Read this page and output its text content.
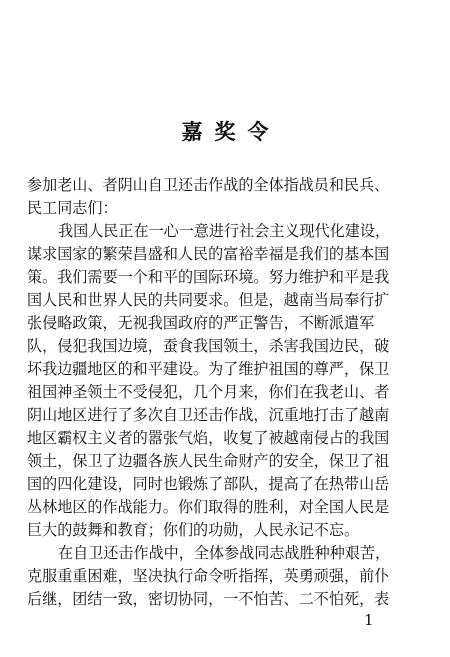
嘉奖令
参加老山、者阴山自卫还击作战的全体指战员和民兵、
民工同志们：
我国人民正在一心一意进行社会主义现代化建设，
谋求国家的繁荣昌盛和人民的富裕幸福是我们的基本国
策。我们需要一个和平的国际环境。努力维护和平是我
国人民和世界人民的共同要求。但是，越南当局奉行扩
张侵略政策，无视我国政府的严正警告，不断派遣军
队，侵犯我国边境，蚕食我国领土，杀害我国边民，破
坏我边疆地区的和平建设。为了维护祖国的尊严，保卫
祖国神圣领土不受侵犯，几个月来，你们在我老山、者
阴山地区进行了多次自卫还击作战，沉重地打击了越南
地区霸权主义者的嚣张气焰，收复了被越南侵占的我国
领土，保卫了边疆各族人民生命财产的安全，保卫了祖
国的四化建设，同时也锻炼了部队，提高了在热带山岳
丛林地区的作战能力。你们取得的胜利，对全国人民是
巨大的鼓舞和教育；你们的功勋，人民永记不忘。
在自卫还击作战中，全体参战同志战胜种种艰苦，
克服重重困难，坚决执行命令听指挥，英勇顽强，前仆
后继，团结一致，密切协同，一不怕苦、二不怕死，表
1
